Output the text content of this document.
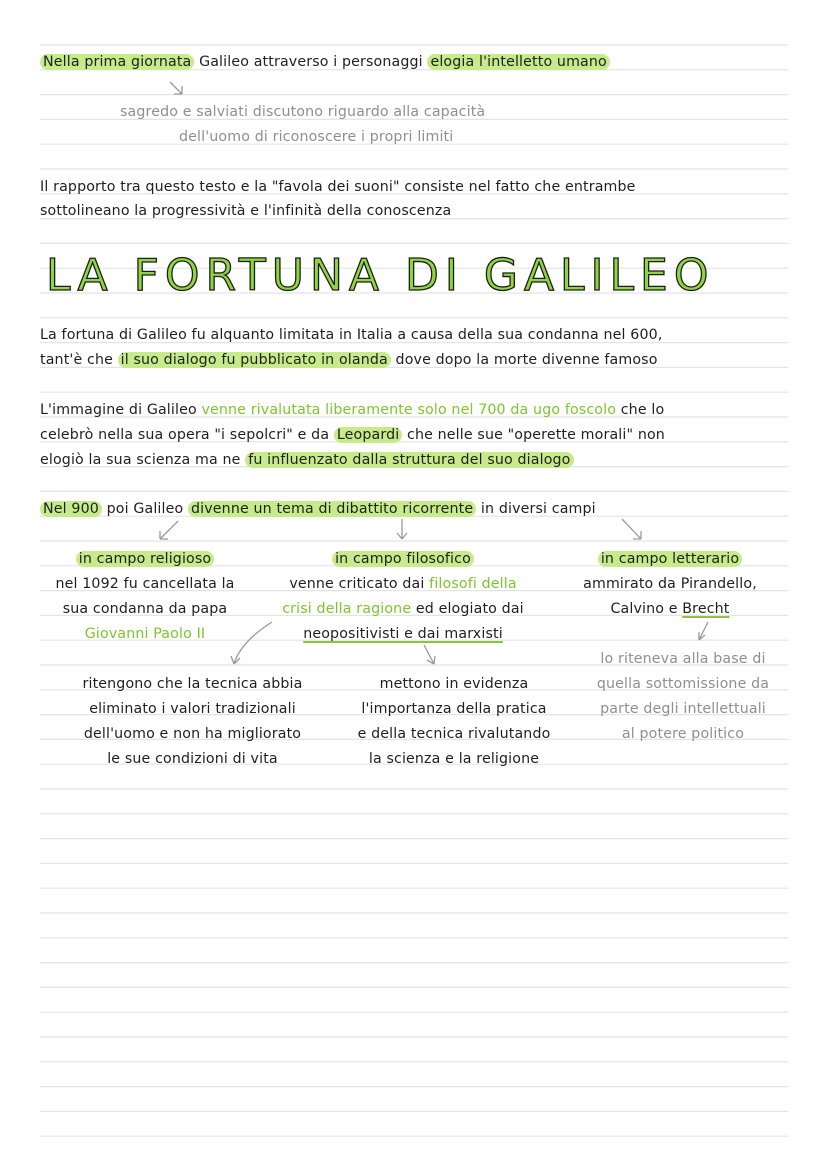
Nella prima giornata Galileo attraverso i personaggi elogia l'intelletto umano
sagredo e salviati discutono riguardo alla capacità
dell'uomo di riconoscere i propri limiti
Il rapporto tra questo testo e la "favola dei suoni" consiste nel fatto che entrambe
sottolineano la progressività e l'infinità della conoscenza
LA FORTUNA DI GALILEO
La fortuna di Galileo fu alquanto limitata in Italia a causa della sua condanna nel 600,
tant'è che il suo dialogo fu pubblicato in olanda dove dopo la morte divenne famoso
L'immagine di Galileo venne rivalutata liberamente solo nel 700 da ugo foscolo che lo
celebrò nella sua opera "i sepolcri" e da Leopardi che nelle sue "operette morali" non
elogiò la sua scienza ma ne fu influenzato dalla struttura del suo dialogo
Nel 900 poi Galileo divenne un tema di dibattito ricorrente in diversi campi
in campo religioso
nel 1092 fu cancellata la
sua condanna da papa
Giovanni Paolo II
in campo filosofico
venne criticato dai filosofi della
crisi della ragione ed elogiato dai
neopositivisti e dai marxisti
in campo letterario
ammirato da Pirandello,
Calvino e Brecht
lo riteneva alla base di
quella sottomissione da
parte degli intellettuali
al potere politico
ritengono che la tecnica abbia
eliminato i valori tradizionali
dell'uomo e non ha migliorato
le sue condizioni di vita
mettono in evidenza
l'importanza della pratica
e della tecnica rivalutando
la scienza e la religione
